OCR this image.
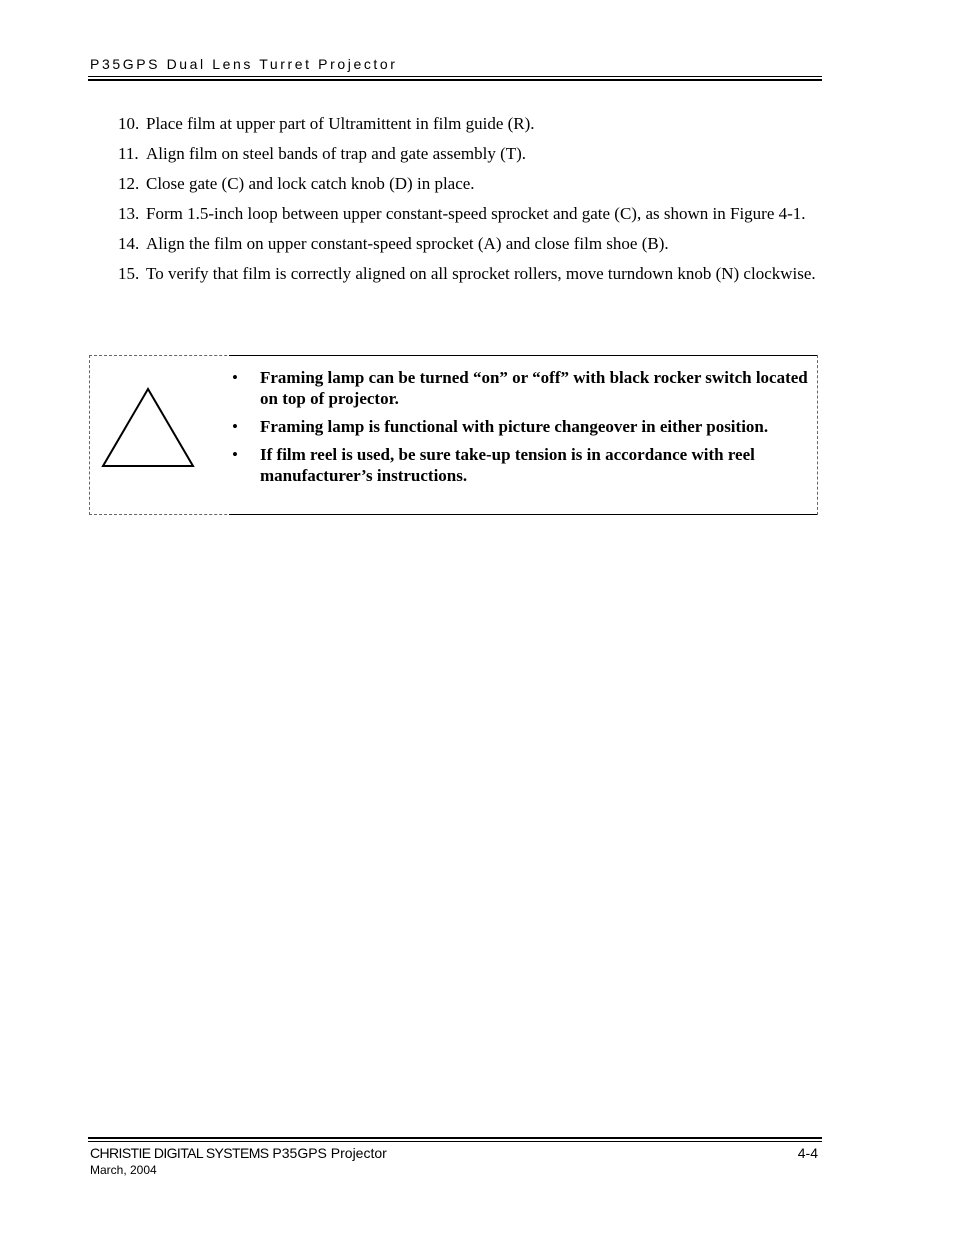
P35GPS Dual Lens Turret Projector
10. Place film at upper part of Ultramittent in film guide (R).
11. Align film on steel bands of trap and gate assembly (T).
12. Close gate (C) and lock catch knob (D) in place.
13. Form 1.5-inch loop between upper constant-speed sprocket and gate (C), as shown in Figure 4-1.
14. Align the film on upper constant-speed sprocket (A) and close film shoe (B).
15. To verify that film is correctly aligned on all sprocket rollers, move turndown knob (N) clockwise.
•	Framing lamp can be turned “on” or “off” with black rocker switch located on top of projector.
•	Framing lamp is functional with picture changeover in either position.
•	If film reel is used, be sure take-up tension is in accordance with reel manufacturer’s instructions.
CHRISTIE DIGITAL SYSTEMS P35GPS Projector
March, 2004
4-4
